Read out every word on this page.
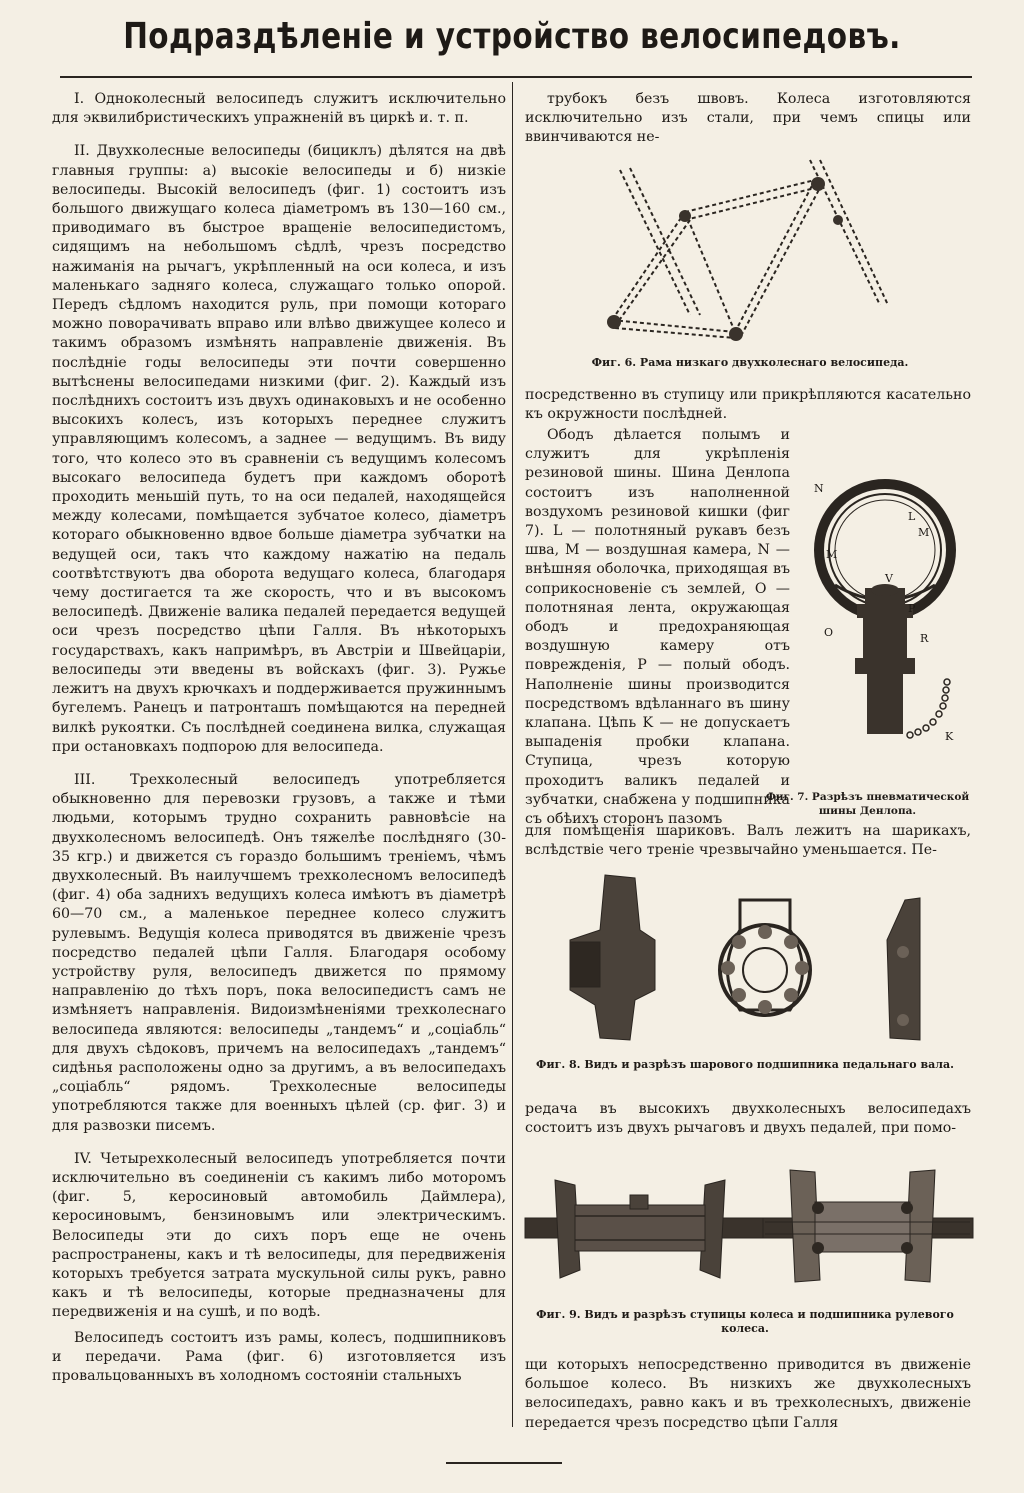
Подраздѣленіе и устройство велосипедовъ.

I. Одноколесный велосипедъ служитъ исключительно для эквилибристическихъ упражненій въ циркѣ и. т. п.

II. Двухколесные велосипеды (бициклъ) дѣлятся на двѣ главныя группы: а) высокіе велосипеды и б) низкіе велосипеды. Высокій велосипедъ (фиг. 1) состоитъ изъ большого движущаго колеса діаметромъ въ 130—160 см., приводимаго въ быстрое вращеніе велосипедистомъ, сидящимъ на небольшомъ сѣдлѣ, чрезъ посредство нажиманія на рычагъ, укрѣпленный на оси колеса, и изъ маленькаго задняго колеса, служащаго только опорой. Передъ сѣдломъ находится руль, при помощи котораго можно поворачивать вправо или влѣво движущее колесо и такимъ образомъ измѣнять направленіе движенія. Въ послѣдніе годы велосипеды эти почти совершенно вытѣснены велосипедами низкими (фиг. 2). Каждый изъ послѣднихъ состоитъ изъ двухъ одинаковыхъ и не особенно высокихъ колесъ, изъ которыхъ переднее служитъ управляющимъ колесомъ, а заднее — ведущимъ. Въ виду того, что колесо это въ сравненіи съ ведущимъ колесомъ высокаго велосипеда будетъ при каждомъ оборотѣ проходить меньшій путь, то на оси педалей, находящейся между колесами, помѣщается зубчатое колесо, діаметръ котораго обыкновенно вдвое больше діаметра зубчатки на ведущей оси, такъ что каждому нажатію на педаль соотвѣтствуютъ два оборота ведущаго колеса, благодаря чему достигается та же скорость, что и въ высокомъ велосипедѣ. Движеніе валика педалей передается ведущей оси чрезъ посредство цѣпи Галля. Въ нѣкоторыхъ государствахъ, какъ напримѣръ, въ Австріи и Швейцаріи, велосипеды эти введены въ войскахъ (фиг. 3). Ружье лежитъ на двухъ крючкахъ и поддерживается пружиннымъ бугелемъ. Ранецъ и патронташъ помѣщаются на передней вилкѣ рукоятки. Съ послѣдней соединена вилка, служащая при остановкахъ подпорою для велосипеда.

III. Трехколесный велосипедъ употребляется обыкновенно для перевозки грузовъ, а также и тѣми людьми, которымъ трудно сохранить равновѣсіе на двухколесномъ велосипедѣ. Онъ тяжелѣе послѣдняго (30- 35 кгр.) и движется съ гораздо большимъ треніемъ, чѣмъ двухколесный. Въ наилучшемъ трехколесномъ велосипедѣ (фиг. 4) оба заднихъ ведущихъ колеса имѣютъ въ діаметрѣ 60—70 см., а маленькое переднее колесо служитъ рулевымъ. Ведущія колеса приводятся въ движеніе чрезъ посредство педалей цѣпи Галля. Благодаря особому устройству руля, велосипедъ движется по прямому направленію до тѣхъ поръ, пока велосипедистъ самъ не измѣняетъ направленія. Видоизмѣненіями трехколеснаго велосипеда являются: велосипеды „тандемъ“ и „соціабль“ для двухъ сѣдоковъ, причемъ на велосипедахъ „тандемъ“ сидѣнья расположены одно за другимъ, а въ велосипедахъ „соціабль“ рядомъ. Трехколесные велосипеды употребляются также для военныхъ цѣлей (ср. фиг. 3) и для развозки писемъ.

IV. Четырехколесный велосипедъ употребляется почти исключительно въ соединеніи съ какимъ либо моторомъ (фиг. 5, керосиновый автомобиль Даймлера), керосиновымъ, бензиновымъ или электрическимъ. Велосипеды эти до сихъ поръ еще не очень распространены, какъ и тѣ велосипеды, для передвиженія которыхъ требуется затрата мускульной силы рукъ, равно какъ и тѣ велосипеды, которые предназначены для передвиженія и на сушѣ, и по водѣ.

Велосипедъ состоитъ изъ рамы, колесъ, подшипниковъ и передачи. Рама (фиг. 6) изготовляется изъ провальцованныхъ въ холодномъ состояніи стальныхъ

трубокъ безъ швовъ. Колеса изготовляются исключительно изъ стали, при чемъ спицы или ввинчиваются не-

Фиг. 6. Рама низкаго двухколеснаго велосипеда.

посредственно въ ступицу или прикрѣпляются касательно къ окружности послѣдней.

Ободъ дѣлается полымъ и служитъ для укрѣпленія резиновой шины. Шина Денлопа состоитъ изъ наполненной воздухомъ резиновой кишки (фиг 7). L — полотняный рукавъ безъ шва, M — воздушная камера, N — внѣшняя оболочка, приходящая въ соприкосновеніе съ землей, O — полотняная лента, окружающая ободъ и предохраняющая воздушную камеру отъ поврежденія, P — полый ободъ. Наполненіе шины производится посредствомъ вдѣланнаго въ шину клапана. Цѣпь K — не допускаетъ выпаденія пробки клапана. Ступица, чрезъ которую проходитъ валикъ педалей и зубчатки, снабжена у подшипника съ обѣихъ сторонъ пазомъ

N
L
M
M
V
P
O	R
K
Фиг. 7. Разрѣзъ пневматической шины Денлопа.

для помѣщенія шариковъ. Валъ лежитъ на шарикахъ, вслѣдствіе чего треніе чрезвычайно уменьшается. Пе-

Фиг. 8. Видъ и разрѣзъ шарового подшипника педальнаго вала.

редача въ высокихъ двухколесныхъ велосипедахъ состоитъ изъ двухъ рычаговъ и двухъ педалей, при помо-

Фиг. 9. Видъ и разрѣзъ ступицы колеса и подшипника рулевого колеса.

щи которыхъ непосредственно приводится въ движеніе большое колесо. Въ низкихъ же двухколесныхъ велосипедахъ, равно какъ и въ трехколесныхъ, движеніе передается чрезъ посредство цѣпи Галля
